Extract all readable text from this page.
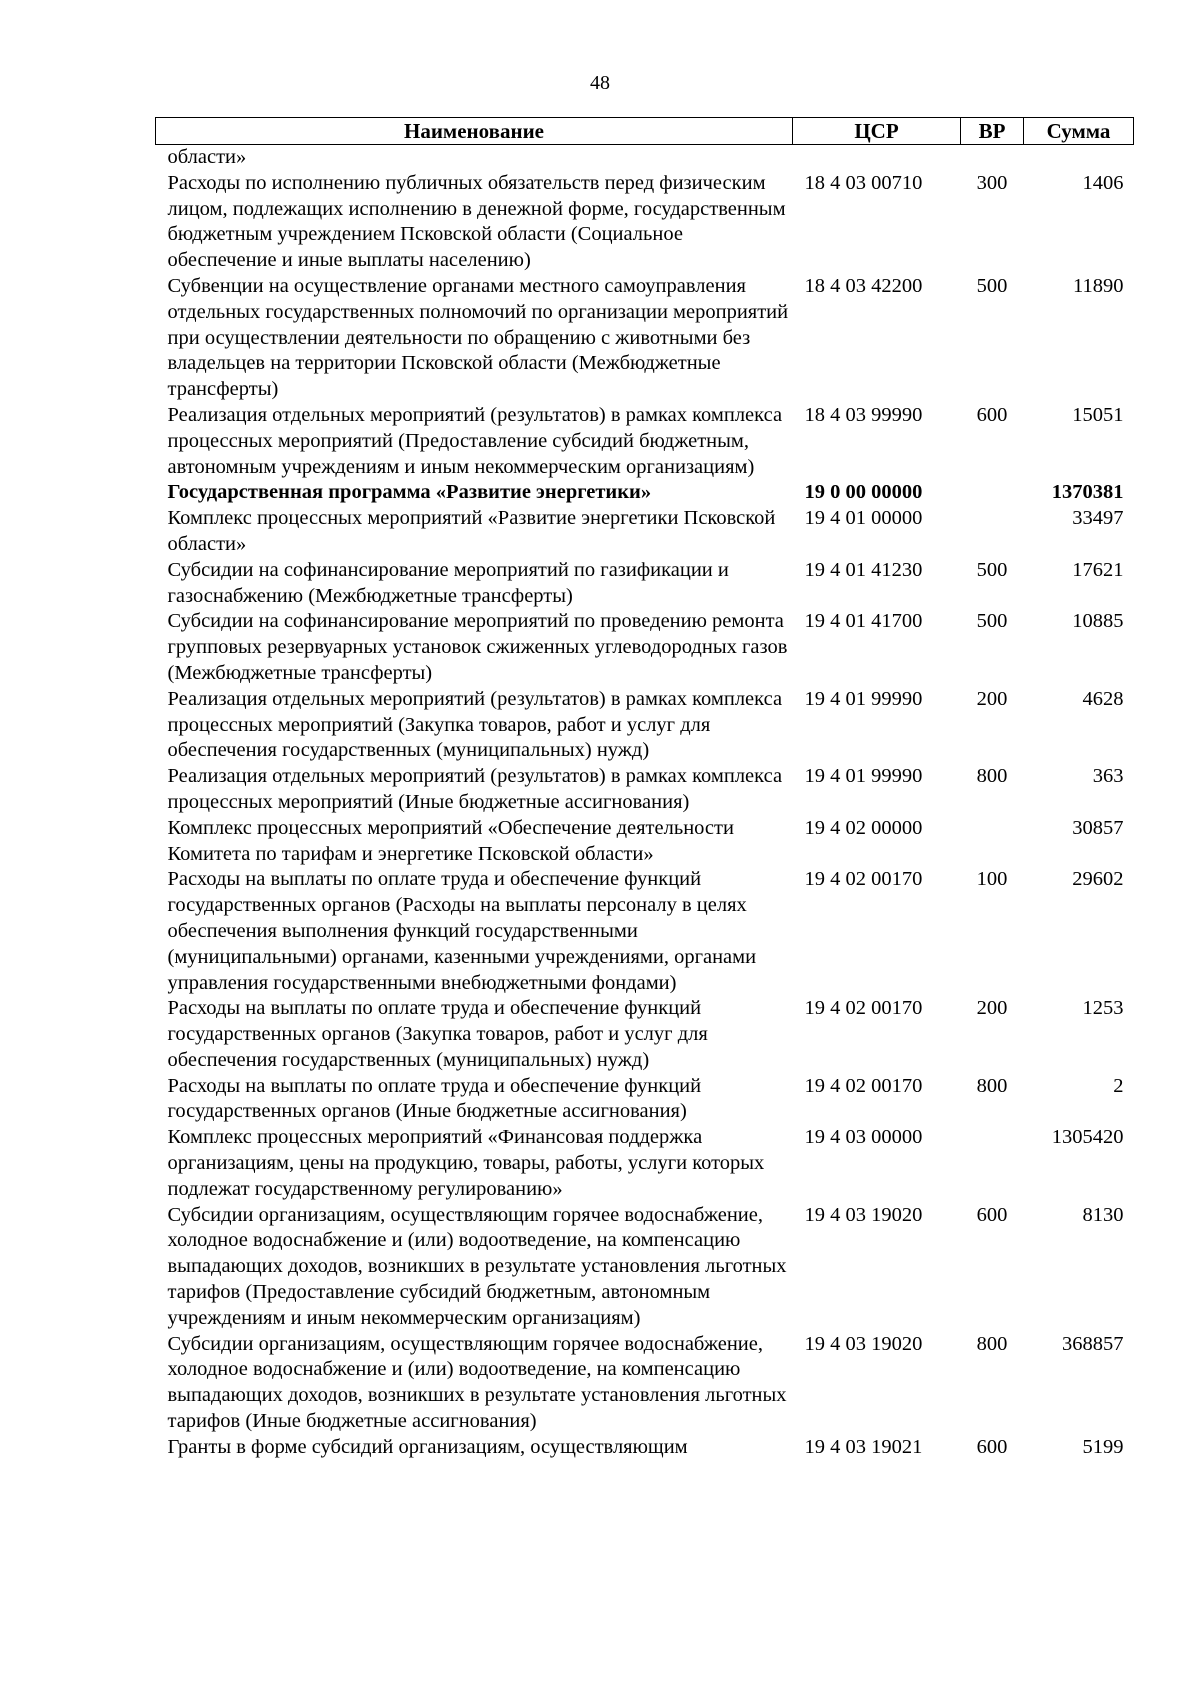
48
Наименование	ЦСР	ВР	Сумма
области»			
Расходы по исполнению публичных обязательств перед физическим лицом, подлежащих исполнению в денежной форме, государственным бюджетным учреждением Псковской области (Социальное обеспечение и иные выплаты населению)	18 4 03 00710	300	1406
Субвенции на осуществление органами местного самоуправления отдельных государственных полномочий по организации мероприятий при осуществлении деятельности по обращению с животными без владельцев на территории Псковской области (Межбюджетные трансферты)	18 4 03 42200	500	11890
Реализация отдельных мероприятий (результатов) в рамках комплекса процессных мероприятий (Предоставление субсидий бюджетным, автономным учреждениям и иным некоммерческим организациям)	18 4 03 99990	600	15051
Государственная программа «Развитие энергетики»	19 0 00 00000		1370381
Комплекс процессных мероприятий «Развитие энергетики Псковской области»	19 4 01 00000		33497
Субсидии на софинансирование мероприятий по газификации и газоснабжению (Межбюджетные трансферты)	19 4 01 41230	500	17621
Субсидии на софинансирование мероприятий по проведению ремонта групповых резервуарных установок сжиженных углеводородных газов (Межбюджетные трансферты)	19 4 01 41700	500	10885
Реализация отдельных мероприятий (результатов) в рамках комплекса процессных мероприятий (Закупка товаров, работ и услуг для обеспечения государственных (муниципальных) нужд)	19 4 01 99990	200	4628
Реализация отдельных мероприятий (результатов) в рамках комплекса процессных мероприятий (Иные бюджетные ассигнования)	19 4 01 99990	800	363
Комплекс процессных мероприятий «Обеспечение деятельности Комитета по тарифам и энергетике Псковской области»	19 4 02 00000		30857
Расходы на выплаты по оплате труда и обеспечение функций государственных органов (Расходы на выплаты персоналу в целях обеспечения выполнения функций государственными (муниципальными) органами, казенными учреждениями, органами управления государственными внебюджетными фондами)	19 4 02 00170	100	29602
Расходы на выплаты по оплате труда и обеспечение функций государственных органов (Закупка товаров, работ и услуг для обеспечения государственных (муниципальных) нужд)	19 4 02 00170	200	1253
Расходы на выплаты по оплате труда и обеспечение функций государственных органов (Иные бюджетные ассигнования)	19 4 02 00170	800	2
Комплекс процессных мероприятий «Финансовая поддержка организациям, цены на продукцию, товары, работы, услуги которых подлежат государственному регулированию»	19 4 03 00000		1305420
Субсидии организациям, осуществляющим горячее водоснабжение, холодное водоснабжение и (или) водоотведение, на компенсацию выпадающих доходов, возникших в результате установления льготных тарифов (Предоставление субсидий бюджетным, автономным учреждениям и иным некоммерческим организациям)	19 4 03 19020	600	8130
Субсидии организациям, осуществляющим горячее водоснабжение, холодное водоснабжение и (или) водоотведение, на компенсацию выпадающих доходов, возникших в результате установления льготных тарифов (Иные бюджетные ассигнования)	19 4 03 19020	800	368857
Гранты в форме субсидий организациям, осуществляющим	19 4 03 19021	600	5199
